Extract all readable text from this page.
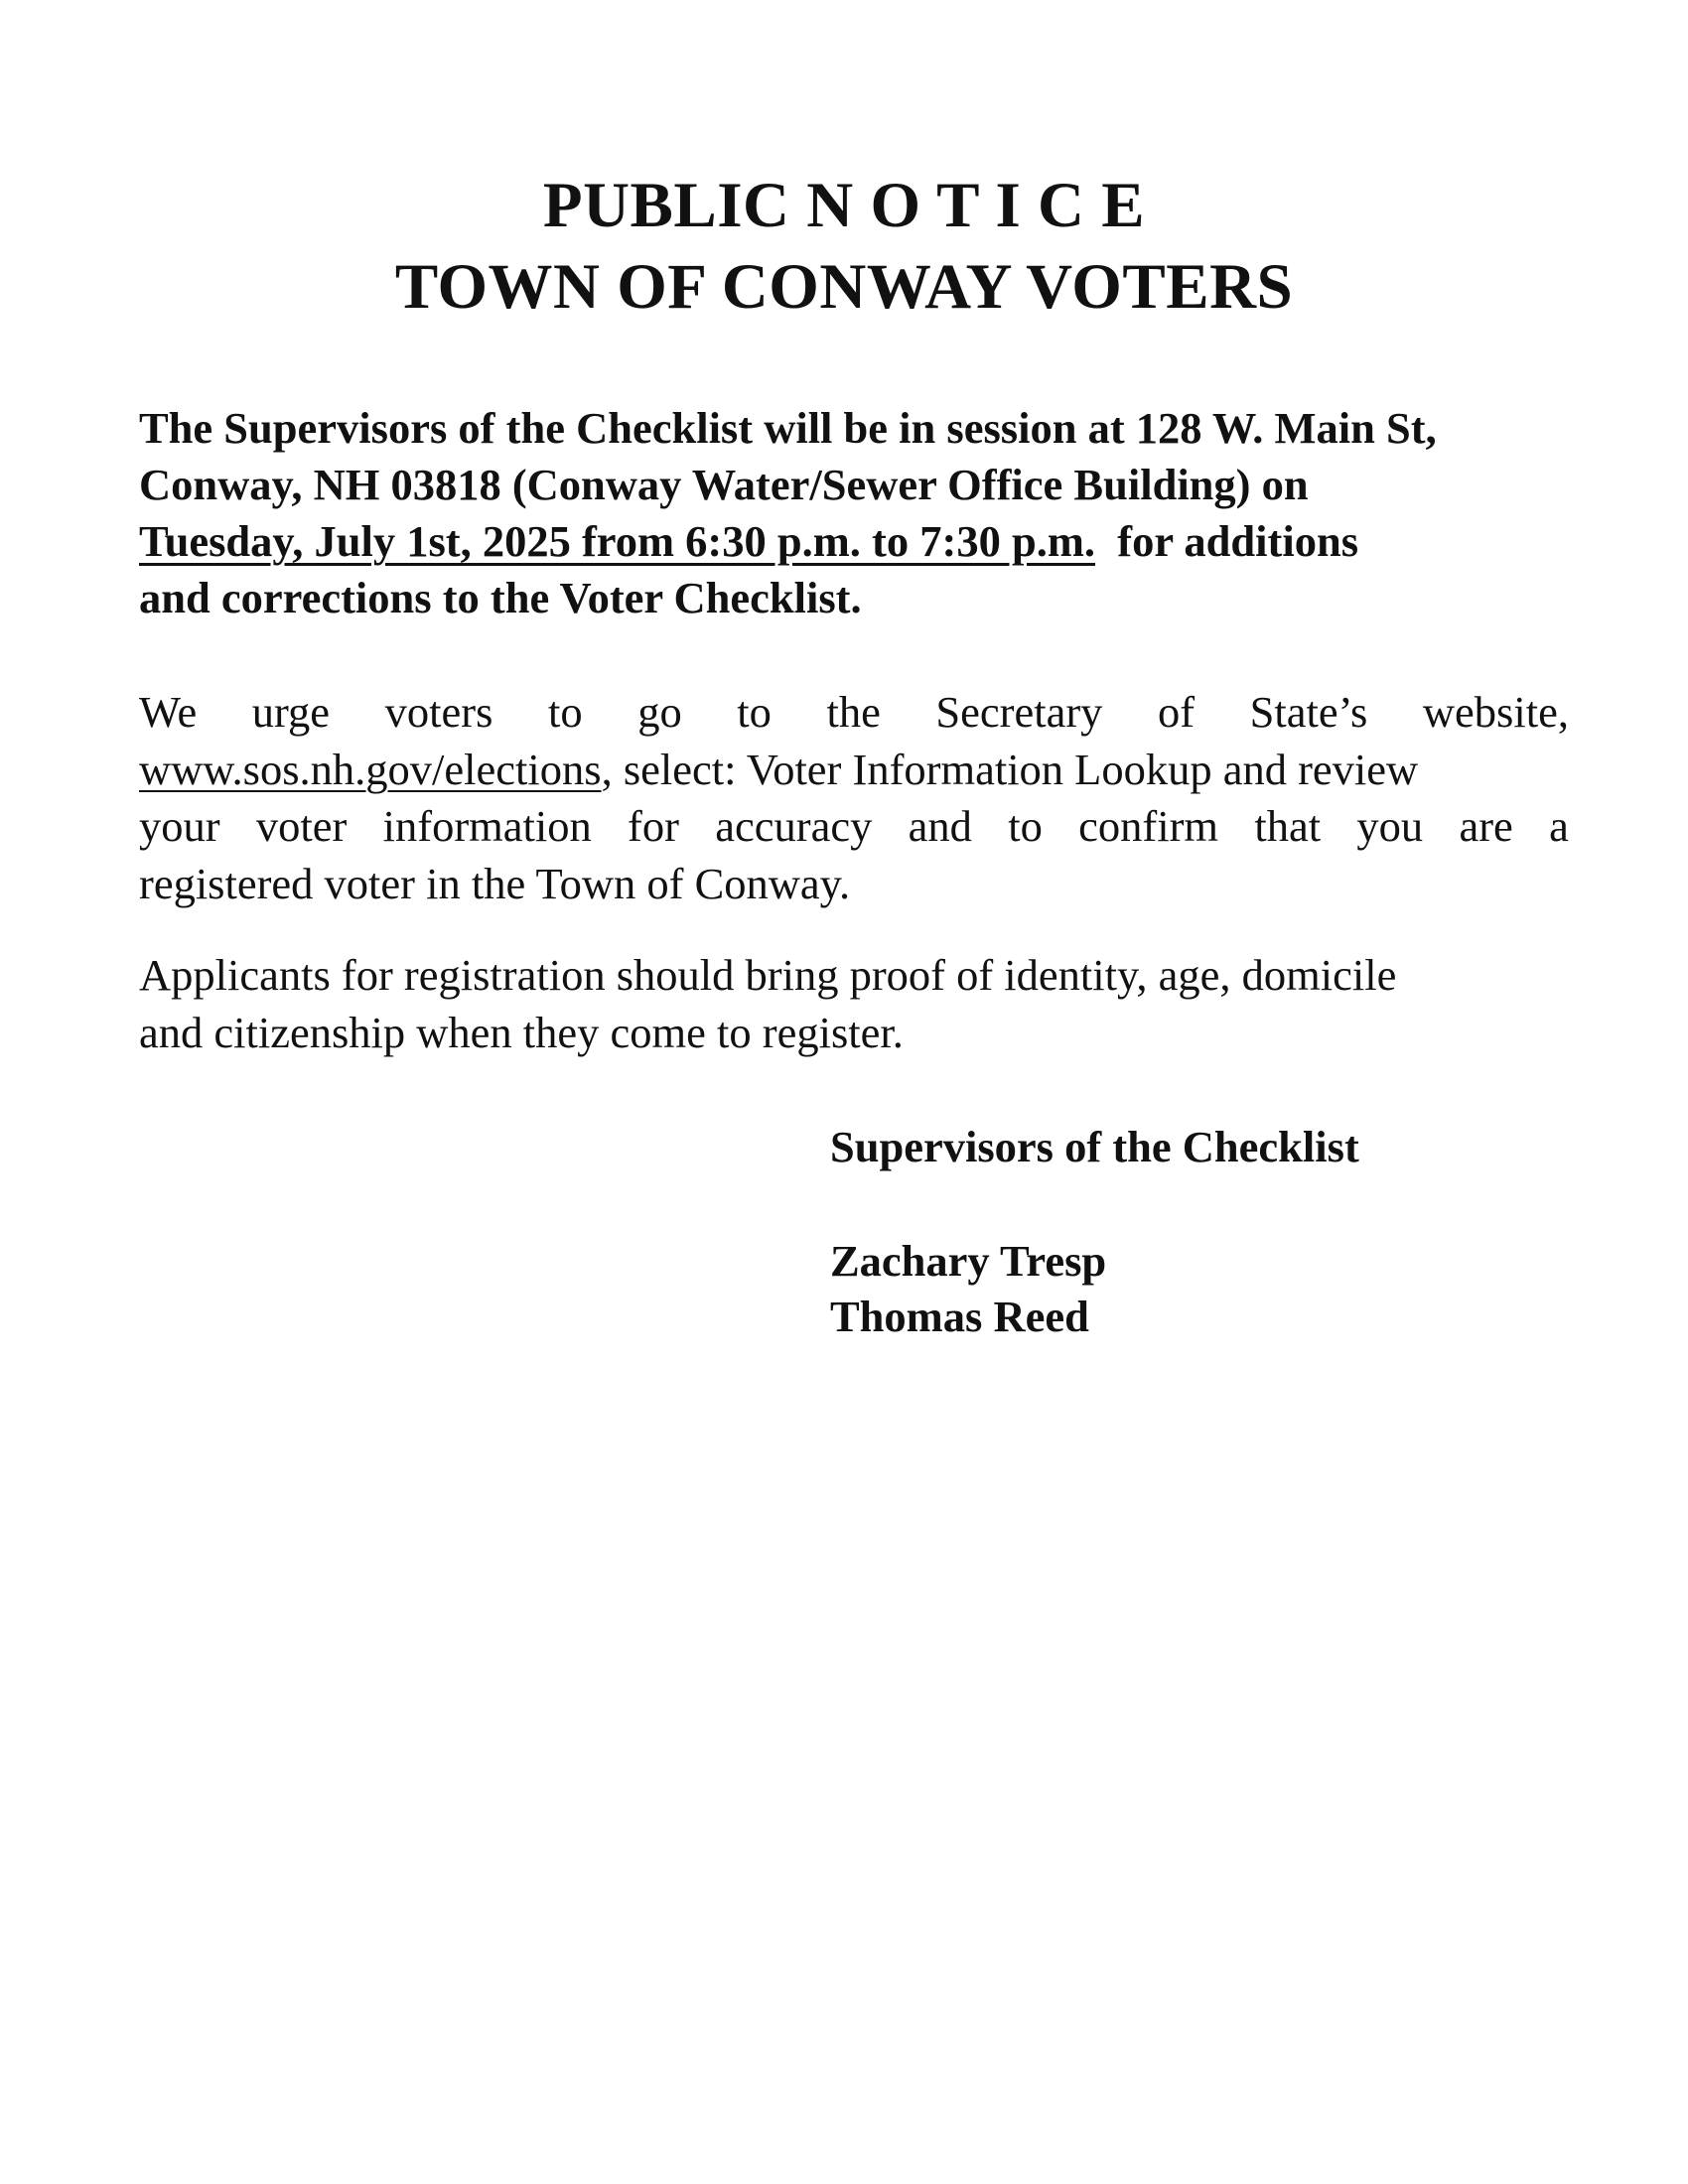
PUBLIC N O T I C E
TOWN OF CONWAY VOTERS
The Supervisors of the Checklist will be in session at 128 W. Main St,
Conway, NH 03818 (Conway Water/Sewer Office Building) on
Tuesday, July 1st, 2025 from 6:30 p.m. to 7:30 p.m.  for additions
and corrections to the Voter Checklist.
We urge voters to go to the Secretary of State’s website,
www.sos.nh.gov/elections, select: Voter Information Lookup and review
your voter information for accuracy and to confirm that you are a
registered voter in the Town of Conway.
Applicants for registration should bring proof of identity, age, domicile
and citizenship when they come to register.
Supervisors of the Checklist
Zachary Tresp
Thomas Reed
